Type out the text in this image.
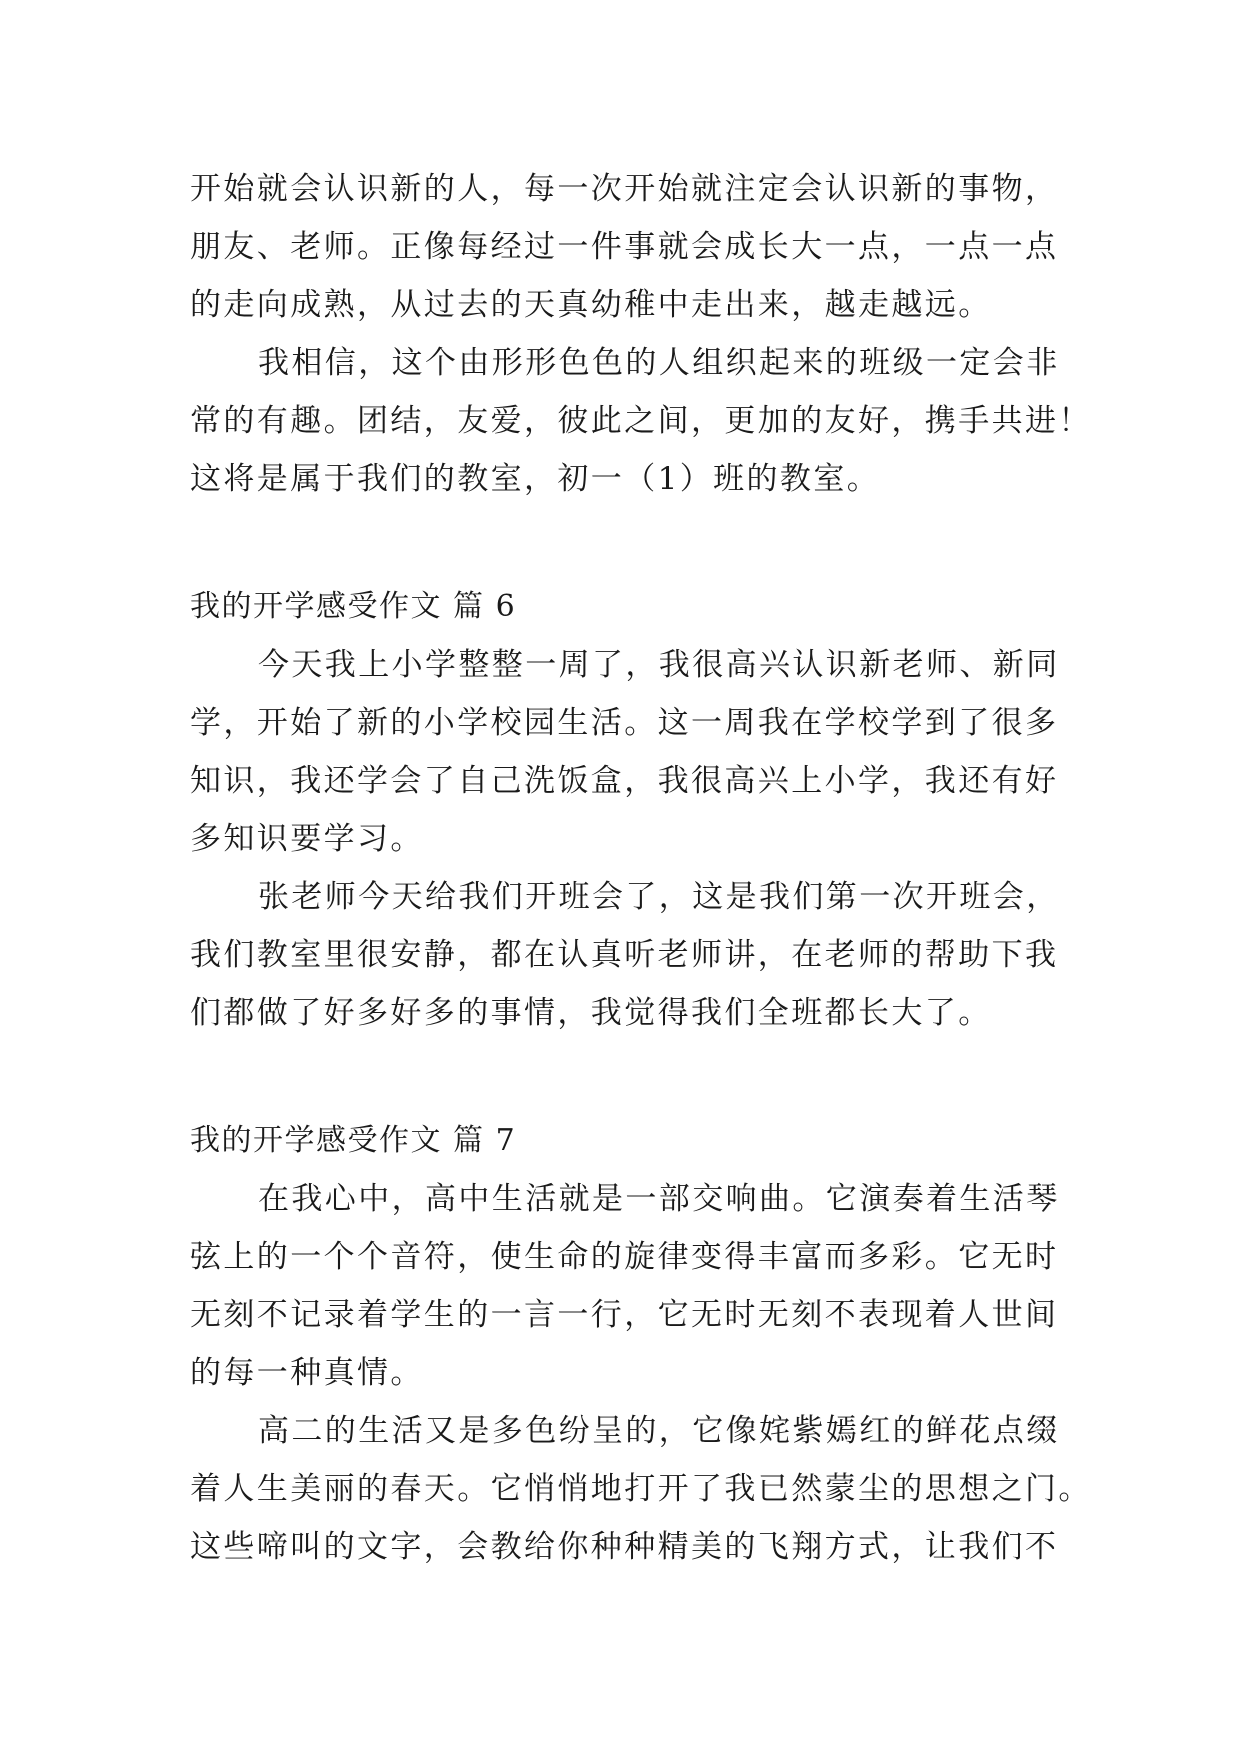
开始就会认识新的人，每一次开始就注定会认识新的事物，
朋友、老师。正像每经过一件事就会成长大一点，一点一点
的走向成熟，从过去的天真幼稚中走出来，越走越远。
我相信，这个由形形色色的人组织起来的班级一定会非
常的有趣。团结，友爱，彼此之间，更加的友好，携手共进！
这将是属于我们的教室，初一（1）班的教室。
我的开学感受作文 篇 6
今天我上小学整整一周了，我很高兴认识新老师、新同
学，开始了新的小学校园生活。这一周我在学校学到了很多
知识，我还学会了自己洗饭盒，我很高兴上小学，我还有好
多知识要学习。
张老师今天给我们开班会了，这是我们第一次开班会，
我们教室里很安静，都在认真听老师讲，在老师的帮助下我
们都做了好多好多的事情，我觉得我们全班都长大了。
我的开学感受作文 篇 7
在我心中，高中生活就是一部交响曲。它演奏着生活琴
弦上的一个个音符，使生命的旋律变得丰富而多彩。它无时
无刻不记录着学生的一言一行，它无时无刻不表现着人世间
的每一种真情。
高二的生活又是多色纷呈的，它像姹紫嫣红的鲜花点缀
着人生美丽的春天。它悄悄地打开了我已然蒙尘的思想之门。
这些啼叫的文字，会教给你种种精美的飞翔方式，让我们不
